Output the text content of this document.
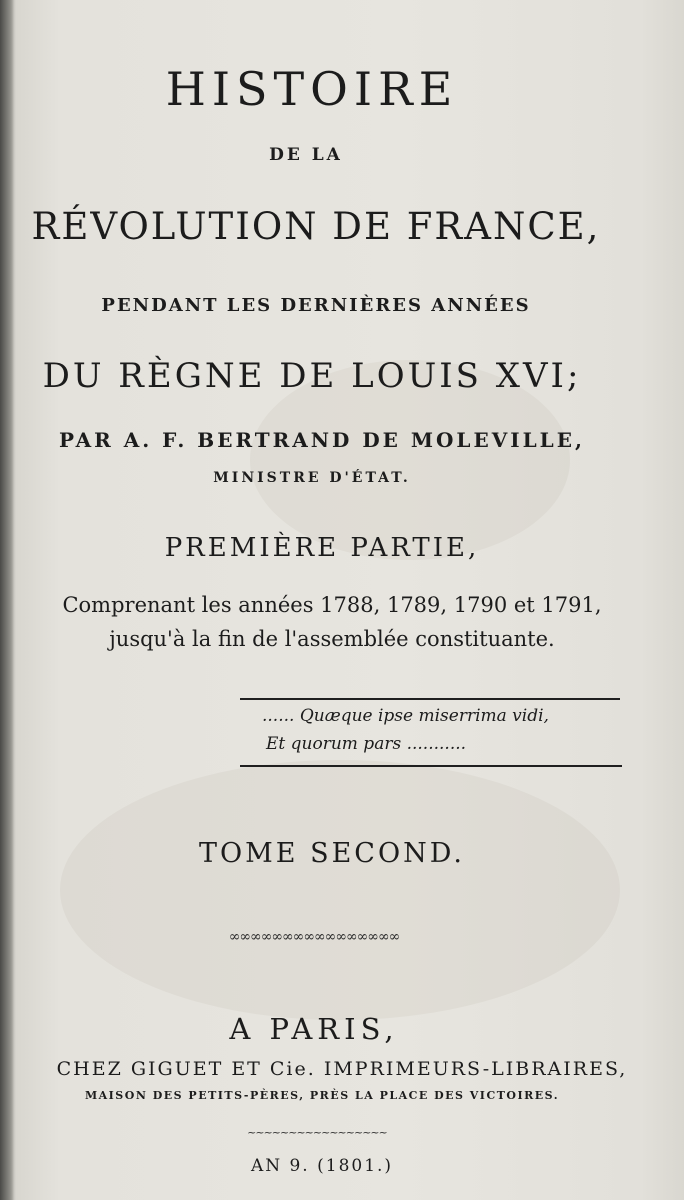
HISTOIRE
DE LA
RÉVOLUTION DE FRANCE,
PENDANT LES DERNIÈRES ANNÉES
DU RÈGNE DE LOUIS XVI;
PAR A. F. BERTRAND DE MOLEVILLE,
MINISTRE D'ÉTAT.
PREMIÈRE PARTIE,
Comprenant les années 1788, 1789, 1790 et 1791,
jusqu'à la fin de l'assemblée constituante.
...... Quæque ipse miserrima vidi,
Et quorum pars ...........
TOME SECOND.
∞∞∞∞∞∞∞∞∞∞∞∞∞∞∞∞
A PARIS,
CHEZ GIGUET ET Cie. IMPRIMEURS-LIBRAIRES,
MAISON DES PETITS-PÈRES, PRÈS LA PLACE DES VICTOIRES.
~~~~~~~~~~~~~~~~~
AN 9. (1801.)
